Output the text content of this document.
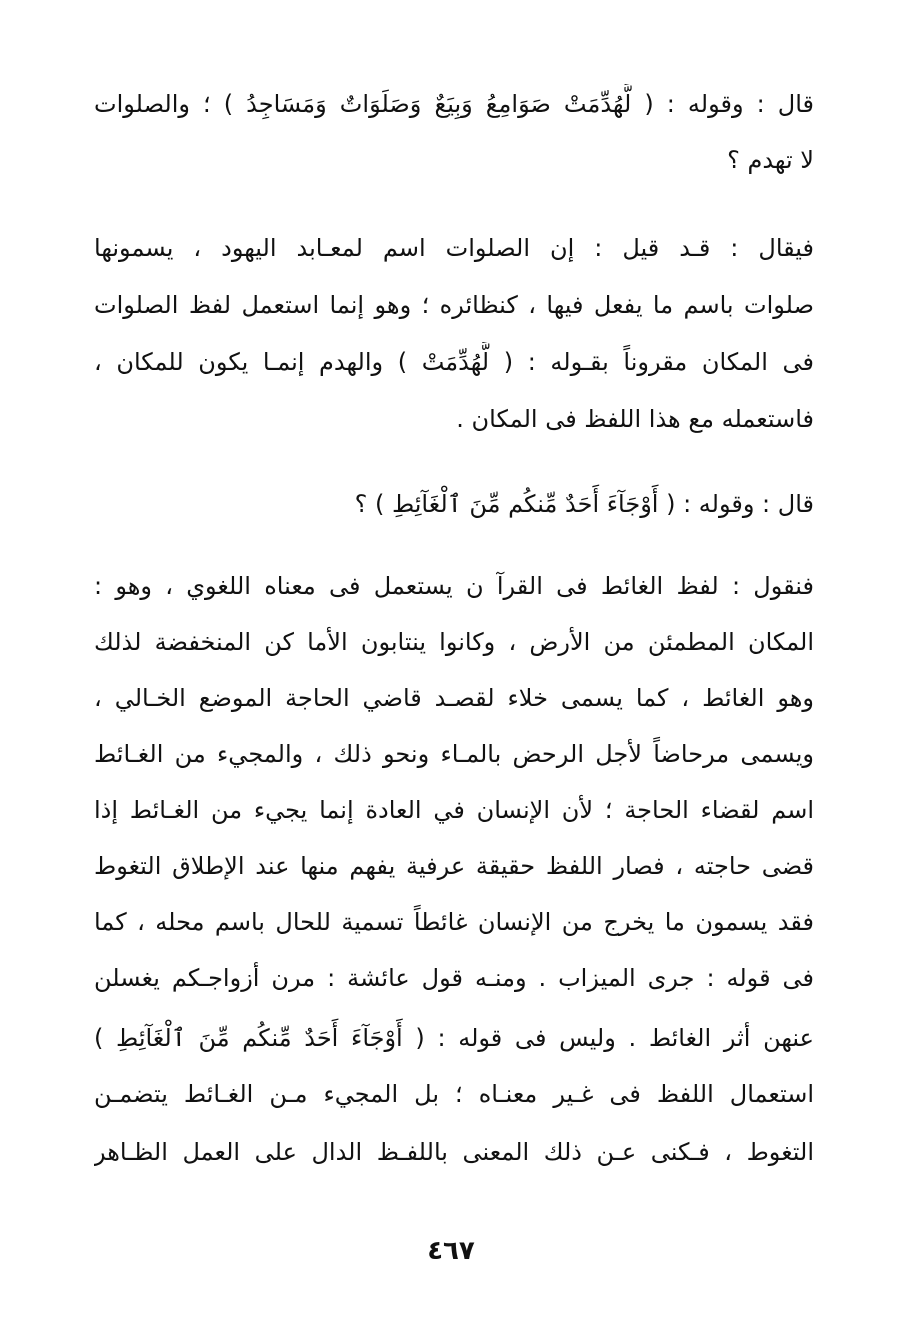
قال : وقوله : ( لَّهُدِّمَتْ صَوَامِعُ وَبِيَعٌ وَصَلَوَاتٌ وَمَسَاجِدُ ) ؛ والصلوات
لا تهدم ؟
فيقال : قـد قيل : إن الصلوات اسم لمعـابد اليهود ، يسمونها
صلوات باسم ما يفعل فيها ، كنظائره ؛ وهو إنما استعمل لفظ الصلوات
فى المكان مقروناً بقـوله : ( لَّهُدِّمَتْ ) والهدم إنمـا يكون للمكان ،
فاستعمله مع هذا اللفظ فى المكان .
قال : وقوله : ( أَوْجَآءَ أَحَدٌ مِّنكُم مِّنَ ٱلْغَآئِطِ ) ؟
فنقول : لفظ الغائط فى القرآ ن يستعمل فى معناه اللغوي ، وهو :
المكان المطمئن من الأرض ، وكانوا ينتابون الأما كن المنخفضة لذلك
وهو الغائط ، كما يسمى خلاء لقصـد قاضي الحاجة الموضع الخـالي ،
ويسمى مرحاضاً لأجل الرحض بالمـاء ونحو ذلك ، والمجيء من الغـائط
اسم لقضاء الحاجة ؛ لأن الإنسان في العادة إنما يجيء من الغـائط إذا
قضى حاجته ، فصار اللفظ حقيقة عرفية يفهم منها عند الإطلاق التغوط
فقد يسمون ما يخرج من الإنسان غائطاً تسمية للحال باسم محله ، كما
فى قوله : جرى الميزاب . ومنـه قول عائشة : مرن أزواجـكم يغسلن
عنهن أثر الغائط . وليس فى قوله : ( أَوْجَآءَ أَحَدٌ مِّنكُم مِّنَ ٱلْغَآئِطِ )
استعمال اللفظ فى غـير معنـاه ؛ بل المجيء مـن الغـائط يتضمـن
التغوط ، فـكنى عـن ذلك المعنى باللفـظ الدال على العمل الظـاهر
٤٦٧
